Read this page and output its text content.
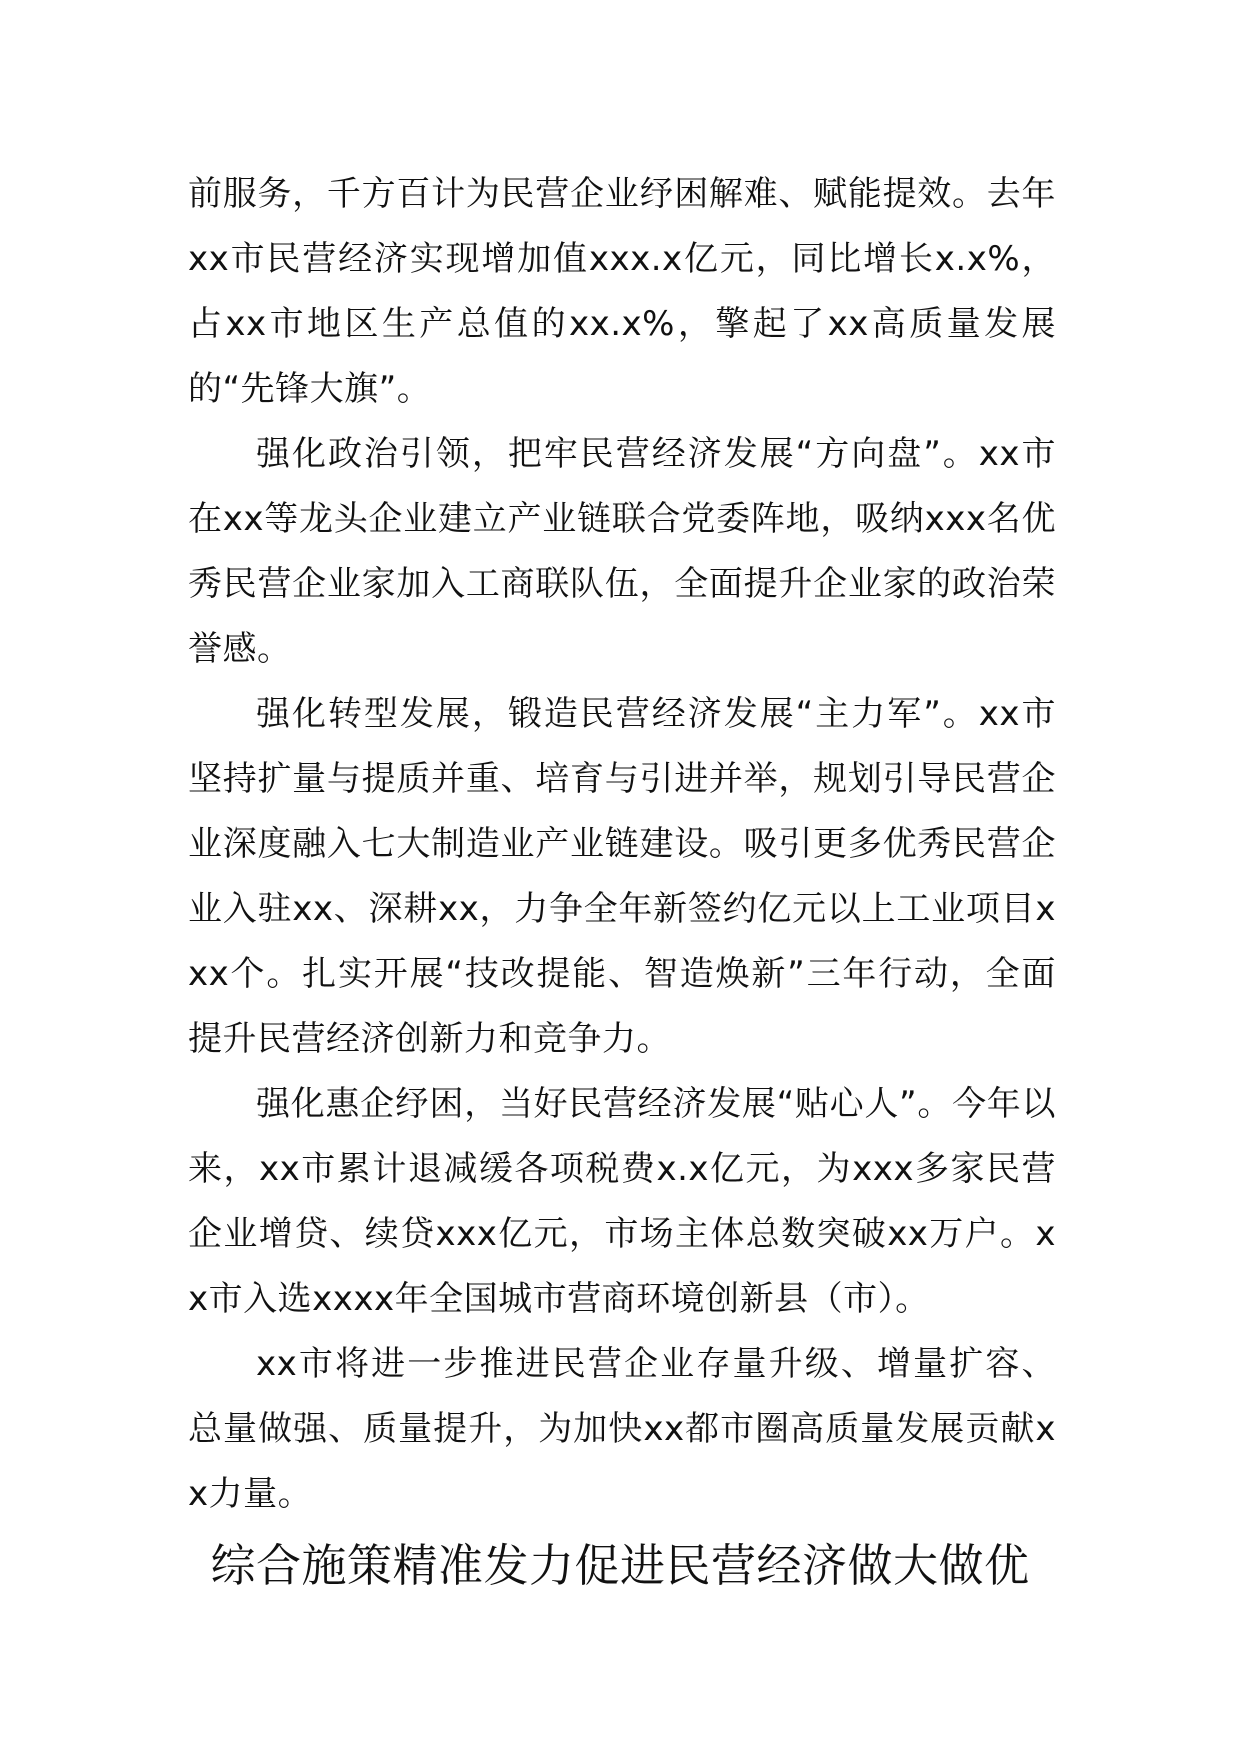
前服务，千方百计为民营企业纾困解难、赋能提效。去年xx市民营经济实现增加值xxx.x亿元，同比增长x.x%，占xx市地区生产总值的xx.x%，擎起了xx高质量发展的“先锋大旗”。

强化政治引领，把牢民营经济发展“方向盘”。xx市在xx等龙头企业建立产业链联合党委阵地，吸纳xxx名优秀民营企业家加入工商联队伍，全面提升企业家的政治荣誉感。

强化转型发展，锻造民营经济发展“主力军”。xx市坚持扩量与提质并重、培育与引进并举，规划引导民营企业深度融入七大制造业产业链建设。吸引更多优秀民营企业入驻xx、深耕xx，力争全年新签约亿元以上工业项目xxx个。扎实开展“技改提能、智造焕新”三年行动，全面提升民营经济创新力和竞争力。

强化惠企纾困，当好民营经济发展“贴心人”。今年以来，xx市累计退减缓各项税费x.x亿元，为xxx多家民营企业增贷、续贷xxx亿元，市场主体总数突破xx万户。xx市入选xxxx年全国城市营商环境创新县（市）。

xx市将进一步推进民营企业存量升级、增量扩容、总量做强、质量提升，为加快xx都市圈高质量发展贡献xx力量。

综合施策精准发力促进民营经济做大做优
